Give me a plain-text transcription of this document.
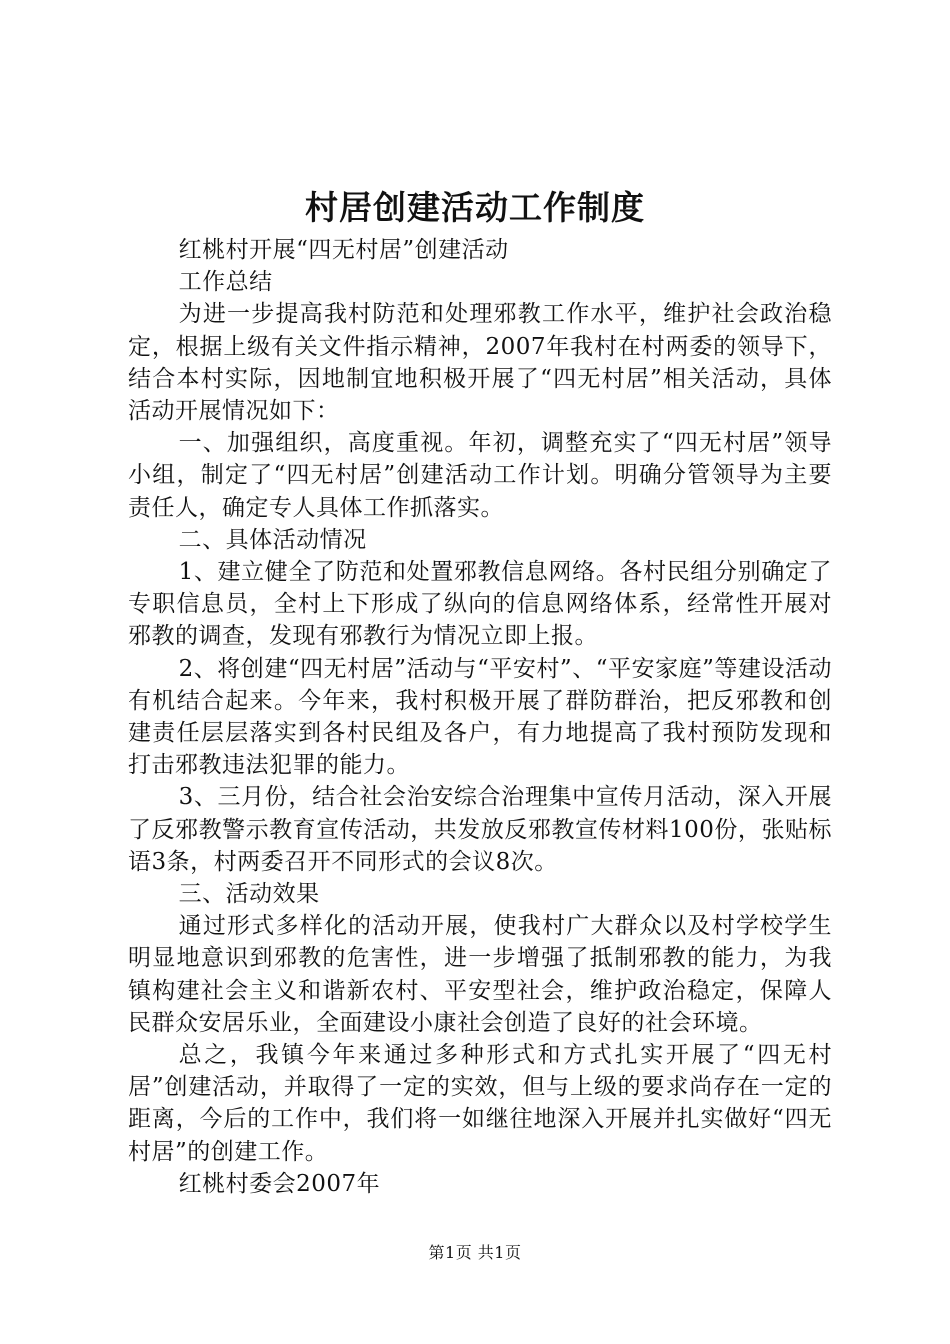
村居创建活动工作制度

红桃村开展“四无村居”创建活动

工作总结

为进一步提高我村防范和处理邪教工作水平，维护社会政治稳定，根据上级有关文件指示精神，2007年我村在村两委的领导下，结合本村实际，因地制宜地积极开展了“四无村居”相关活动，具体活动开展情况如下：

一、加强组织，高度重视。年初，调整充实了“四无村居”领导小组，制定了“四无村居”创建活动工作计划。明确分管领导为主要责任人，确定专人具体工作抓落实。

二、具体活动情况

1、建立健全了防范和处置邪教信息网络。各村民组分别确定了专职信息员，全村上下形成了纵向的信息网络体系，经常性开展对邪教的调查，发现有邪教行为情况立即上报。

2、将创建“四无村居”活动与“平安村”、“平安家庭”等建设活动有机结合起来。今年来，我村积极开展了群防群治，把反邪教和创建责任层层落实到各村民组及各户，有力地提高了我村预防发现和打击邪教违法犯罪的能力。

3、三月份，结合社会治安综合治理集中宣传月活动，深入开展了反邪教警示教育宣传活动，共发放反邪教宣传材料100份，张贴标语3条，村两委召开不同形式的会议8次。

三、活动效果

通过形式多样化的活动开展，使我村广大群众以及村学校学生明显地意识到邪教的危害性，进一步增强了抵制邪教的能力，为我镇构建社会主义和谐新农村、平安型社会，维护政治稳定，保障人民群众安居乐业，全面建设小康社会创造了良好的社会环境。

总之，我镇今年来通过多种形式和方式扎实开展了“四无村居”创建活动，并取得了一定的实效，但与上级的要求尚存在一定的距离，今后的工作中，我们将一如继往地深入开展并扎实做好“四无村居”的创建工作。

红桃村委会2007年

第1页 共1页
